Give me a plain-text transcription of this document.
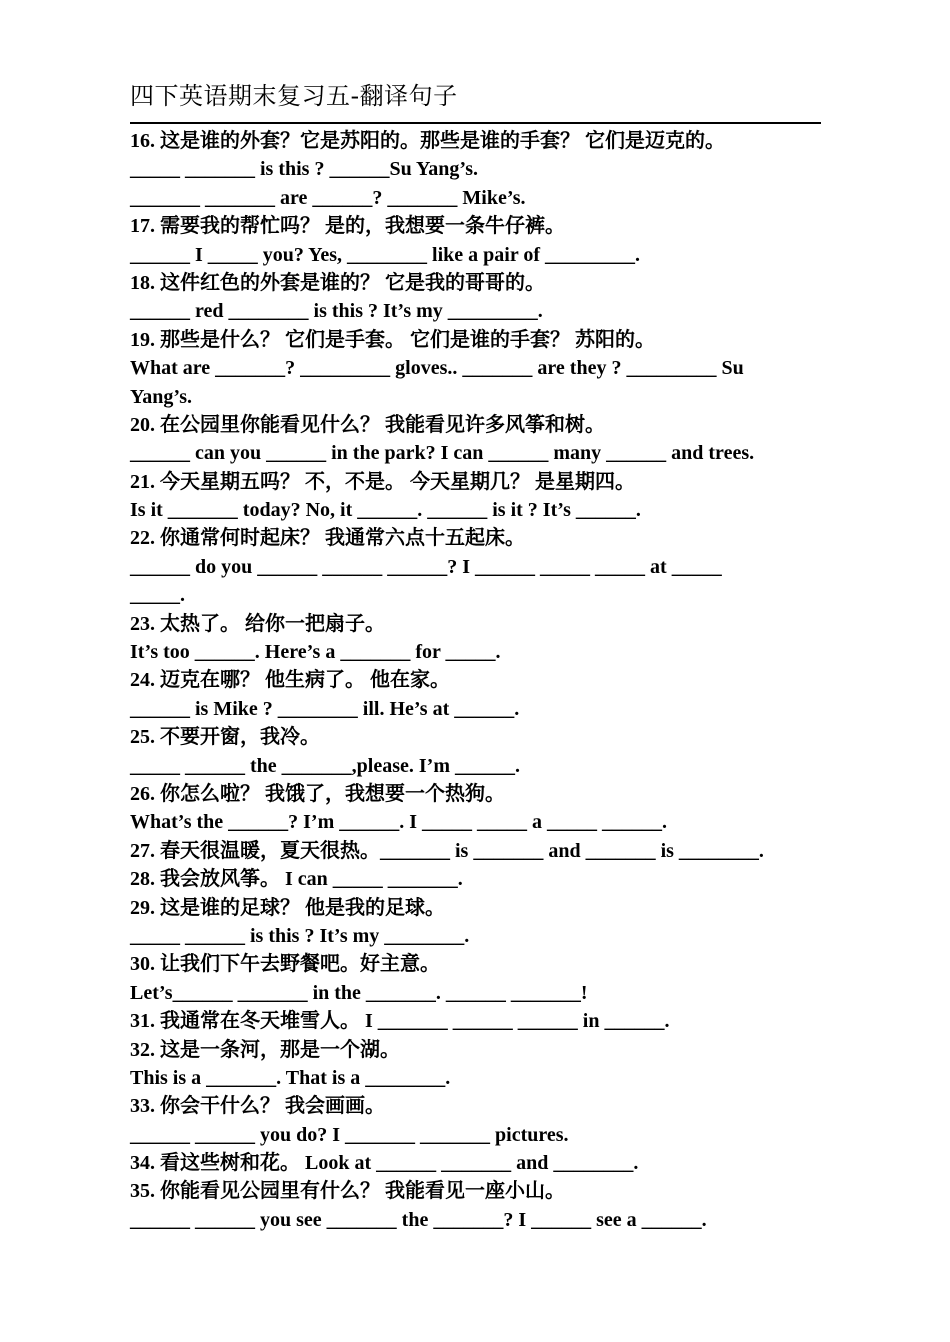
四下英语期末复习五-翻译句子
16. 这是谁的外套？它是苏阳的。那些是谁的手套？ 它们是迈克的。
_____ _______ is this ? ______Su Yang’s.
_______ _______ are ______? _______ Mike’s.
17. 需要我的帮忙吗？ 是的，我想要一条牛仔裤。
______ I _____ you? Yes, ________ like a pair of _________.
18. 这件红色的外套是谁的？ 它是我的哥哥的。
______ red ________ is this ? It’s my _________.
19. 那些是什么？ 它们是手套。 它们是谁的手套？ 苏阳的。
What are _______? _________ gloves.. _______ are they ? _________ Su
Yang’s.
20. 在公园里你能看见什么？ 我能看见许多风筝和树。
______ can you ______ in the park? I can ______ many ______ and trees.
21. 今天星期五吗？ 不，不是。 今天星期几？ 是星期四。
Is it _______ today? No, it ______. ______ is it ? It’s ______.
22. 你通常何时起床？ 我通常六点十五起床。
______ do you ______ ______ ______? I ______ _____ _____ at _____
_____.
23. 太热了。 给你一把扇子。
It’s too ______. Here’s a _______ for _____.
24. 迈克在哪？ 他生病了。 他在家。
______ is Mike ? ________ ill. He’s at ______.
25. 不要开窗，我冷。
_____ ______ the _______,please. I’m ______.
26. 你怎么啦？ 我饿了，我想要一个热狗。
What’s the ______? I’m ______. I _____ _____ a _____ ______.
27. 春天很温暖，夏天很热。_______ is _______ and _______ is ________.
28. 我会放风筝。 I can _____ _______.
29. 这是谁的足球？ 他是我的足球。
_____ ______ is this ? It’s my ________.
30. 让我们下午去野餐吧。好主意。
Let’s______ _______ in the _______. ______ _______!
31. 我通常在冬天堆雪人。 I _______ ______ ______ in ______.
32. 这是一条河，那是一个湖。
This is a _______. That is a ________.
33. 你会干什么？ 我会画画。
______ ______ you do? I _______ _______ pictures.
34. 看这些树和花。 Look at ______ _______ and ________.
35. 你能看见公园里有什么？ 我能看见一座小山。
______ ______ you see _______ the _______? I ______ see a ______.
